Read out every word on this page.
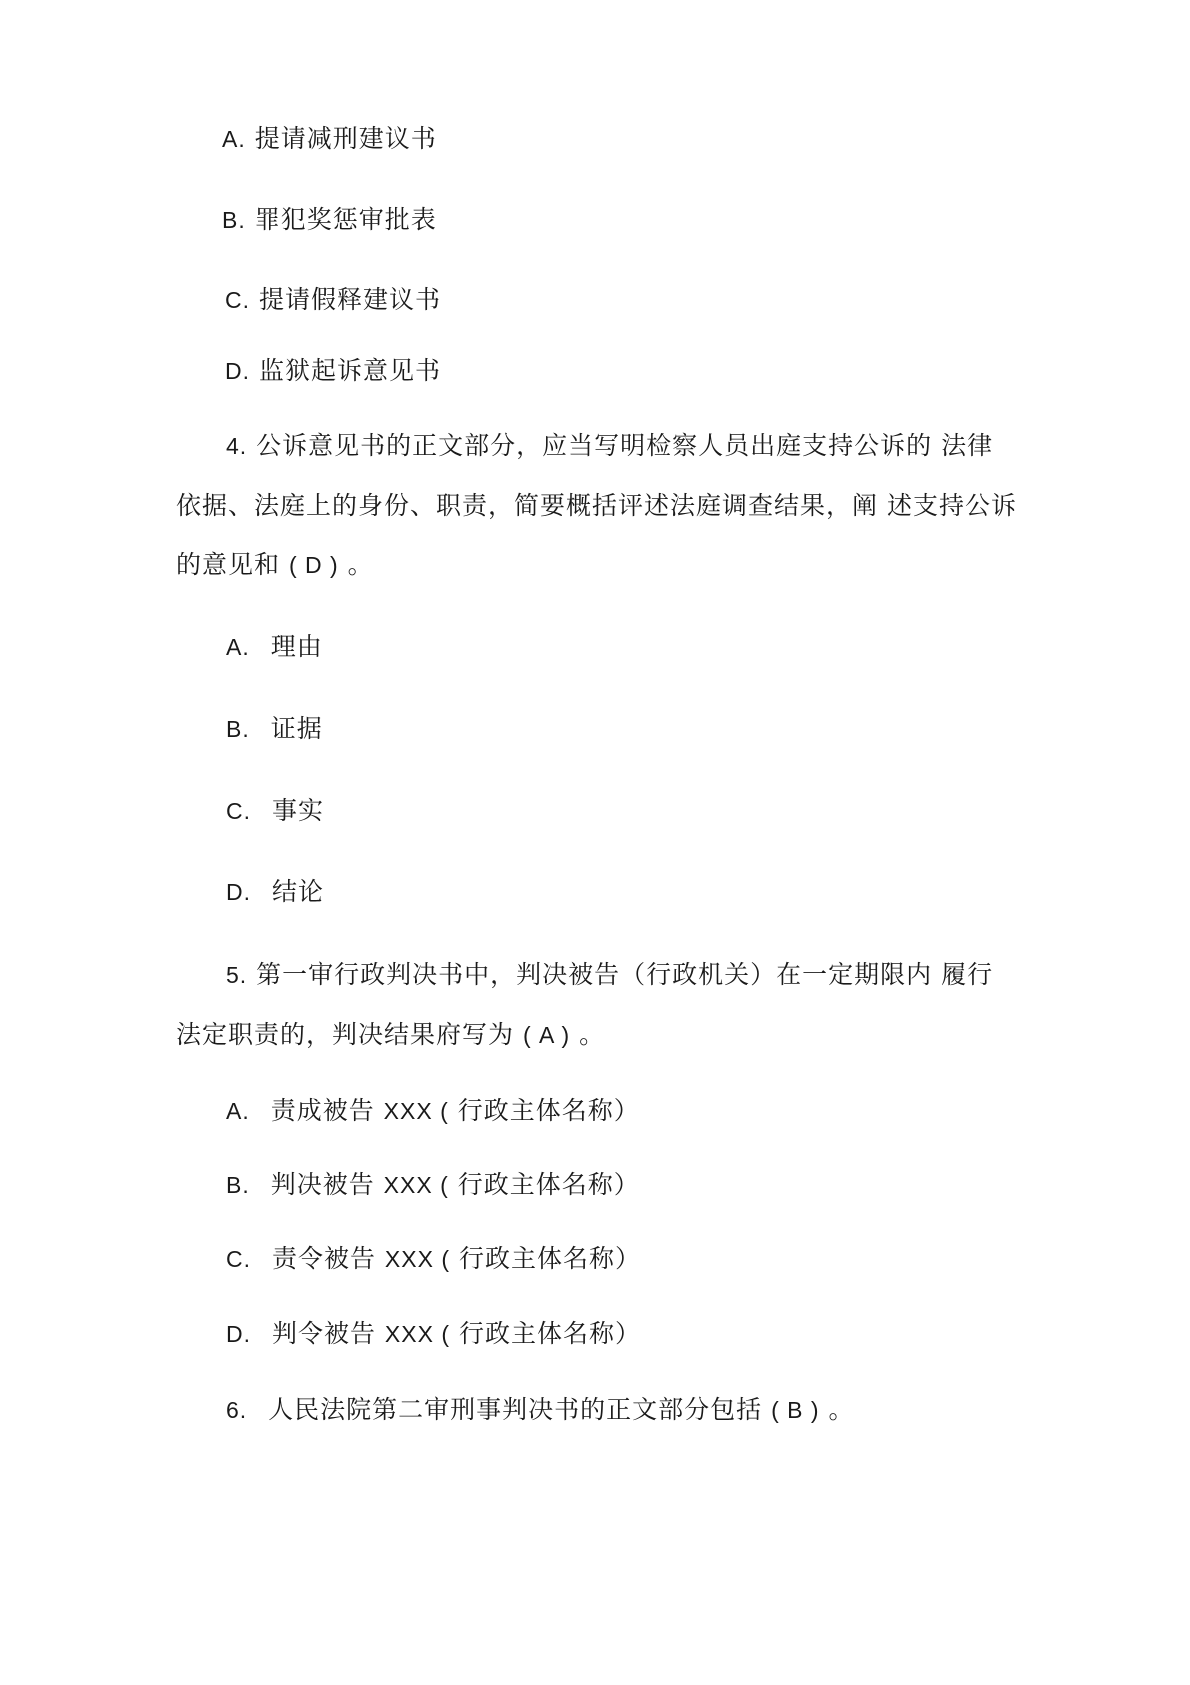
A. 提请减刑建议书
B. 罪犯奖惩审批表
C. 提请假释建议书
D. 监狱起诉意见书
4. 公诉意见书的正文部分，应当写明检察人员出庭支持公诉的 法律
依据、法庭上的身份、职责，简要概括评述法庭调查结果，阐 述支持公诉
的意见和 ( D ) 。
A. 理由
B. 证据
C. 事实
D. 结论
5. 第一审行政判决书中，判决被告（行政机关）在一定期限内 履行
法定职责的，判决结果府写为 ( A ) 。
A. 责成被告 XXX ( 行政主体名称）
B. 判决被告 XXX ( 行政主体名称）
C. 责令被告 XXX ( 行政主体名称）
D. 判令被告 XXX ( 行政主体名称）
6. 人民法院第二审刑事判决书的正文部分包括 ( B ) 。
